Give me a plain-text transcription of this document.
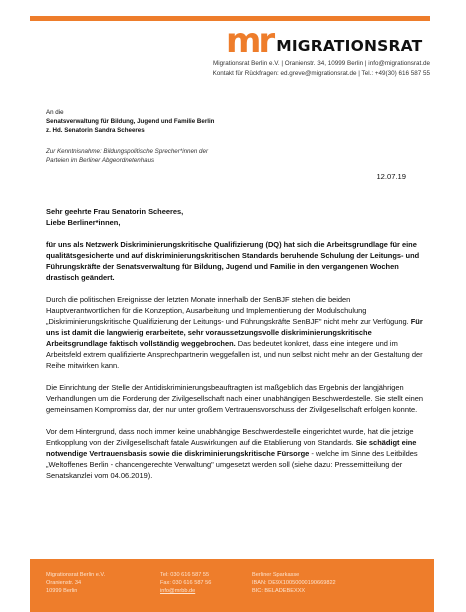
mr MIGRATIONSRAT
Migrationsrat Berlin e.V. | Oranienstr. 34, 10999 Berlin | info@migrationsrat.de
Kontakt für Rückfragen: ed.greve@migrationsrat.de | Tel.: +49(30) 616 587 55
An die
Senatsverwaltung für Bildung, Jugend und Familie Berlin
z. Hd. Senatorin Sandra Scheeres
Zur Kenntnisnahme: Bildungspolitische Sprecher*innen der
Parteien im Berliner Abgeordnetenhaus
12.07.19

Sehr geehrte Frau Senatorin Scheeres,

Liebe Berliner*innen,

für uns als Netzwerk Diskriminierungskritische Qualifizierung (DQ) hat sich die Arbeitsgrundlage für eine qualitätsgesicherte und auf diskriminierungskritischen Standards beruhende Schulung der Leitungs- und Führungskräfte der Senatsverwaltung für Bildung, Jugend und Familie in den vergangenen Wochen drastisch geändert.

Durch die politischen Ereignisse der letzten Monate innerhalb der SenBJF stehen die beiden Hauptverantwortlichen für die Konzeption, Ausarbeitung und Implementierung der Modulschulung „Diskriminierungskritische Qualifizierung der Leitungs- und Führungskräfte SenBJF" nicht mehr zur Verfügung. Für uns ist damit die langwierig erarbeitete, sehr voraussetzungsvolle diskriminierungskritische Arbeitsgrundlage faktisch vollständig weggebrochen. Das bedeutet konkret, dass eine integere und im Arbeitsfeld extrem qualifizierte Ansprechpartnerin weggefallen ist, und nun selbst nicht mehr an der Gestaltung der Reihe mitwirken kann.

Die Einrichtung der Stelle der Antidiskriminierungsbeauftragten ist maßgeblich das Ergebnis der langjährigen Verhandlungen um die Forderung der Zivilgesellschaft nach einer unabhängigen Beschwerdestelle. Sie stellt einen gemeinsamen Kompromiss dar, der nur unter großem Vertrauensvorschuss der Zivilgesellschaft erfolgen konnte.

Vor dem Hintergrund, dass noch immer keine unabhängige Beschwerdestelle eingerichtet wurde, hat die jetzige Entkopplung von der Zivilgesellschaft fatale Auswirkungen auf die Etablierung von Standards. Sie schädigt eine notwendige Vertrauensbasis sowie die diskriminierungskritische Fürsorge - welche im Sinne des Leitbildes „Weltoffenes Berlin - chancengerechte Verwaltung" umgesetzt werden soll (siehe dazu: Pressemitteilung der Senatskanzlei vom 04.06.2019).

Migrationsrat Berlin e.V.
Oranienstr. 34
10999 Berlin
Tel: 030 616 587 55
Fax: 030 616 587 56
info@mrbb.de
Berliner Sparkasse
IBAN: DE9X10050000190669822
BIC: BELADEBEXXX
